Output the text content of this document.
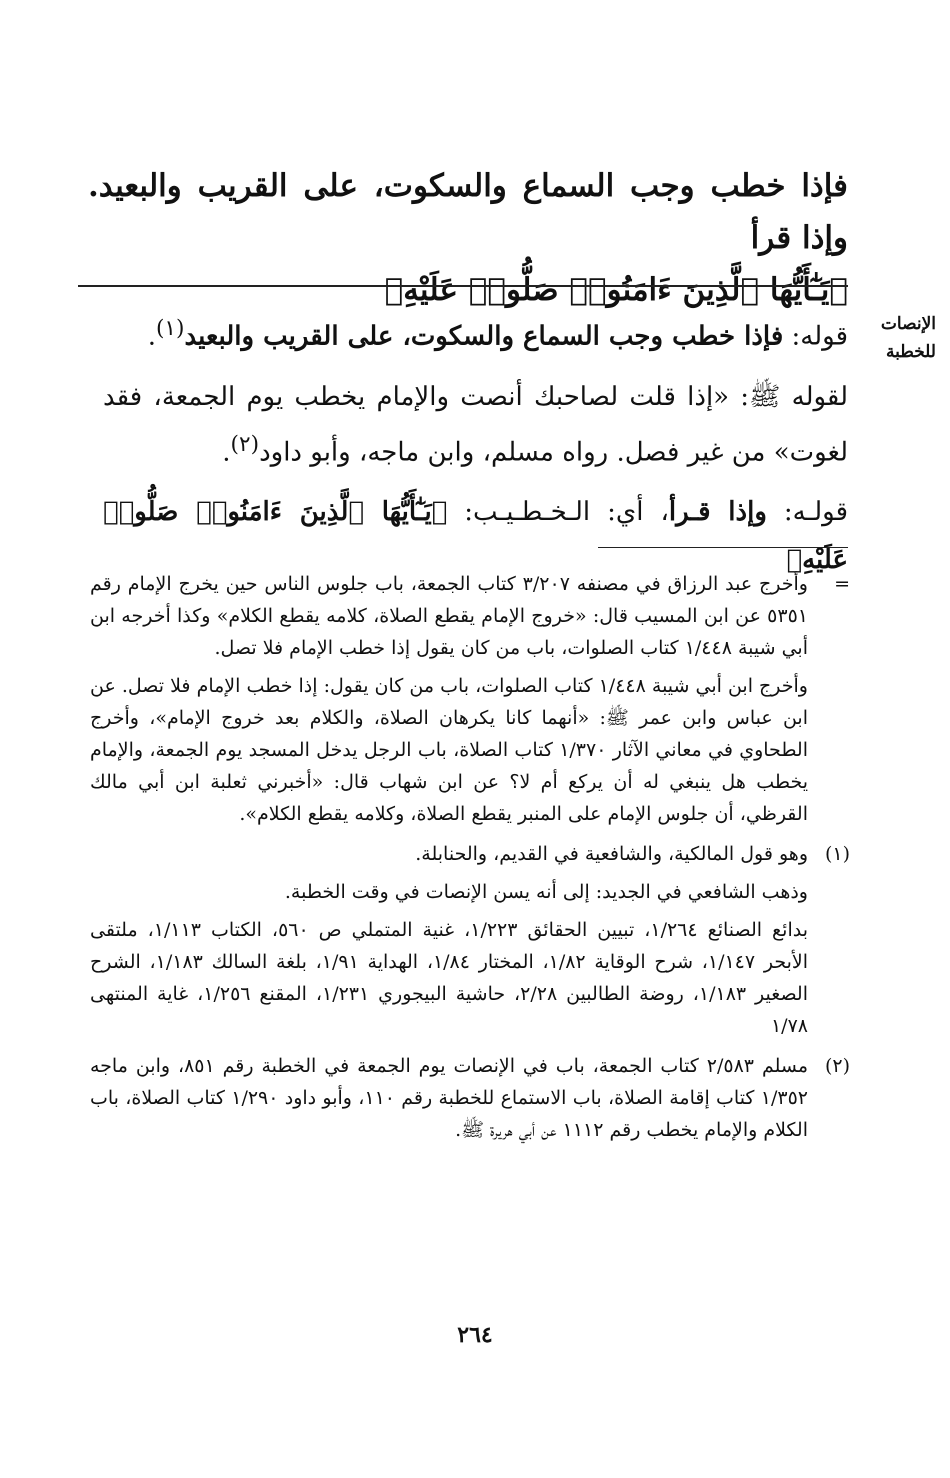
فإذا خطب وجب السماع والسكوت، على القريب والبعيد. وإذا قرأ
﴿يَـٰٓأَيُّهَا ٱلَّذِينَ ءَامَنُوا۟ صَلُّوا۟ عَلَيْهِ﴾
الإنصات
للخطبة

قوله: فإذا خطب وجب السماع والسكوت، على القريب والبعيد$^{(١)}$.

لقوله ﷺ: «إذا قلت لصاحبك أنصت والإمام يخطب يوم الجمعة، فقد لغوت» من غير فصل. رواه مسلم، وابن ماجه، وأبو داود$^{(٢)}$.

قولـه: وإذا قـرأ، أي: الـخـطـيـب: ﴿يَـٰٓأَيُّهَا ٱلَّذِينَ ءَامَنُوا۟ صَلُّوا۟ عَلَيْهِ﴾

=

وأخرج عبد الرزاق في مصنفه ٣/٢٠٧ كتاب الجمعة، باب جلوس الناس حين يخرج الإمام رقم ٥٣٥١ عن ابن المسيب قال: «خروج الإمام يقطع الصلاة، كلامه يقطع الكلام» وكذا أخرجه ابن أبي شيبة ١/٤٤٨ كتاب الصلوات، باب من كان يقول إذا خطب الإمام فلا تصل.

وأخرج ابن أبي شيبة ١/٤٤٨ كتاب الصلوات، باب من كان يقول: إذا خطب الإمام فلا تصل. عن ابن عباس وابن عمر ﷺ: «أنهما كانا يكرهان الصلاة، والكلام بعد خروج الإمام»، وأخرج الطحاوي في معاني الآثار ١/٣٧٠ كتاب الصلاة، باب الرجل يدخل المسجد يوم الجمعة، والإمام يخطب هل ينبغي له أن يركع أم لا؟ عن ابن شهاب قال: «أخبرني ثعلبة ابن أبي مالك القرظي، أن جلوس الإمام على المنبر يقطع الصلاة، وكلامه يقطع الكلام».

(١)

وهو قول المالكية، والشافعية في القديم، والحنابلة.

وذهب الشافعي في الجديد: إلى أنه يسن الإنصات في وقت الخطبة.

بدائع الصنائع ١/٢٦٤، تبيين الحقائق ١/٢٢٣، غنية المتملي ص ٥٦٠، الكتاب ١/١١٣، ملتقى الأبحر ١/١٤٧، شرح الوقاية ١/٨٢، المختار ١/٨٤، الهداية ١/٩١، بلغة السالك ١/١٨٣، الشرح الصغير ١/١٨٣، روضة الطالبين ٢/٢٨، حاشية البيجوري ١/٢٣١، المقنع ١/٢٥٦، غاية المنتهى ١/٧٨

(٢)

مسلم ٢/٥٨٣ كتاب الجمعة، باب في الإنصات يوم الجمعة في الخطبة رقم ٨٥١، وابن ماجه ١/٣٥٢ كتاب إقامة الصلاة، باب الاستماع للخطبة رقم ١١٠، وأبو داود ١/٢٩٠ كتاب الصلاة، باب الكلام والإمام يخطب رقم ١١١٢ عن أبي هريرة ﷺ.

٢٦٤
